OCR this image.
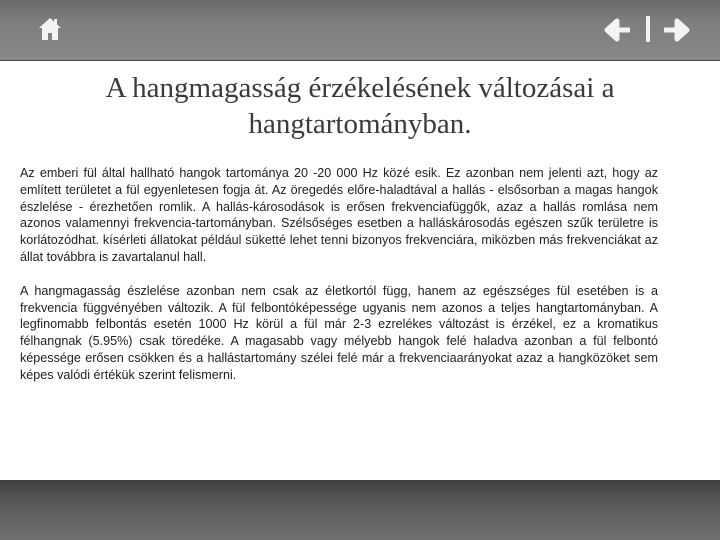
A hangmagasság érzékelésének változásai a hangtartományban.

Az emberi fül által hallható hangok tartománya 20 -20 000 Hz közé esik. Ez azonban nem jelenti azt, hogy az említett területet a fül egyenletesen fogja át. Az öregedés előre-haladtával a hallás - elsősorban a magas hangok észlelése - érezhetően romlik. A hallás-károsodások is erősen frekvenciafüggők, azaz a hallás romlása nem azonos valamennyi frekvencia-tartományban. Szélsőséges esetben a halláskárosodás egészen szűk területre is korlátozódhat. kísérleti állatokat például süketté lehet tenni bizonyos frekvenciára, miközben más frekvenciákat az állat továbbra is zavartalanul hall.

A hangmagasság észlelése azonban nem csak az életkortól függ, hanem az egészséges fül esetében is a frekvencia függvényében változik. A fül felbontóképessége ugyanis nem azonos a teljes hangtartományban. A legfinomabb felbontás esetén 1000 Hz körül a fül már 2-3 ezrelékes változást is érzékel, ez a kromatikus félhangnak (5.95%) csak töredéke. A magasabb vagy mélyebb hangok felé haladva azonban a fül felbontó képessége erősen csökken és a hallástartomány szélei felé már a frekvenciaarányokat azaz a hangközöket sem képes valódi értékük szerint felismerni.
